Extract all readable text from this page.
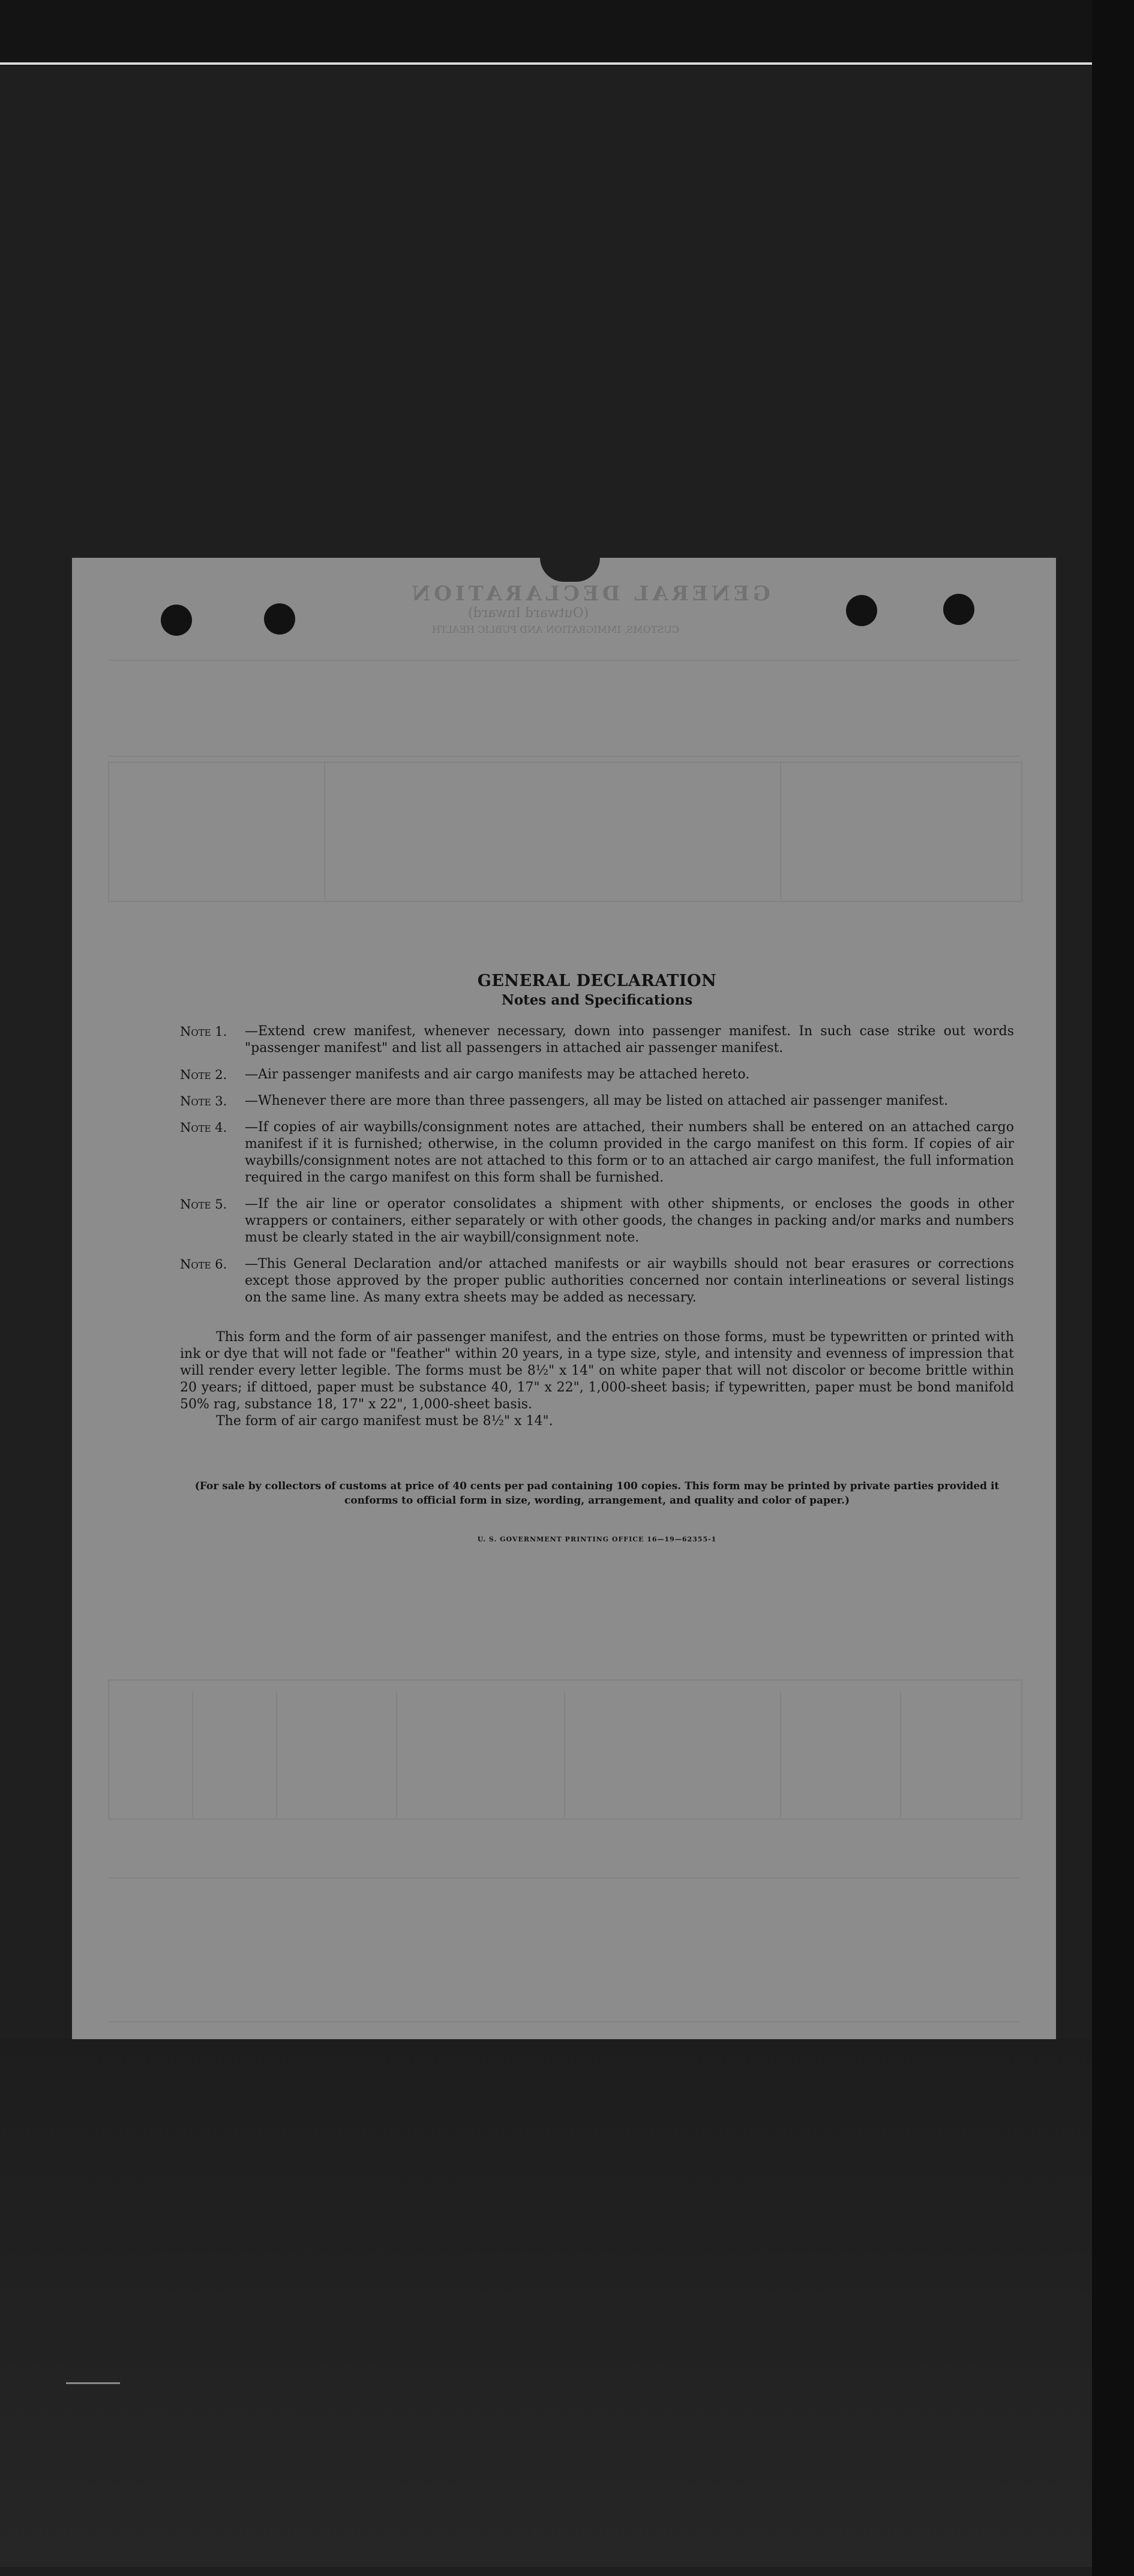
GENERAL DECLARATION
(Outward Inward)
CUSTOMS, IMMIGRATION AND PUBLIC HEALTH
GENERAL DECLARATION
Notes and Specifications
Note 1.	—Extend crew manifest, whenever necessary, down into passenger manifest. In such case strike out words "passenger manifest" and list all passengers in attached air passenger manifest.
Note 2.	—Air passenger manifests and air cargo manifests may be attached hereto.
Note 3.	—Whenever there are more than three passengers, all may be listed on attached air passenger manifest.
Note 4.	—If copies of air waybills/consignment notes are attached, their numbers shall be entered on an attached cargo manifest if it is furnished; otherwise, in the column provided in the cargo manifest on this form. If copies of air waybills/consignment notes are not attached to this form or to an attached air cargo manifest, the full information required in the cargo manifest on this form shall be furnished.
Note 5.	—If the air line or operator consolidates a shipment with other shipments, or encloses the goods in other wrappers or containers, either separately or with other goods, the changes in packing and/or marks and numbers must be clearly stated in the air waybill/consignment note.
Note 6.	—This General Declaration and/or attached manifests or air waybills should not bear erasures or corrections except those approved by the proper public authorities concerned nor contain interlineations or several listings on the same line. As many extra sheets may be added as necessary.

This form and the form of air passenger manifest, and the entries on those forms, must be typewritten or printed with ink or dye that will not fade or "feather" within 20 years, in a type size, style, and intensity and evenness of impression that will render every letter legible. The forms must be 8½" x 14" on white paper that will not discolor or become brittle within 20 years; if dittoed, paper must be substance 40, 17" x 22", 1,000-sheet basis; if typewritten, paper must be bond manifold 50% rag, substance 18, 17" x 22", 1,000-sheet basis.

The form of air cargo manifest must be 8½" x 14".
(For sale by collectors of customs at price of 40 cents per pad containing 100 copies. This form may be printed by private parties provided it conforms to official form in size, wording, arrangement, and quality and color of paper.)
U. S. GOVERNMENT PRINTING OFFICE 16—19—62355-1
